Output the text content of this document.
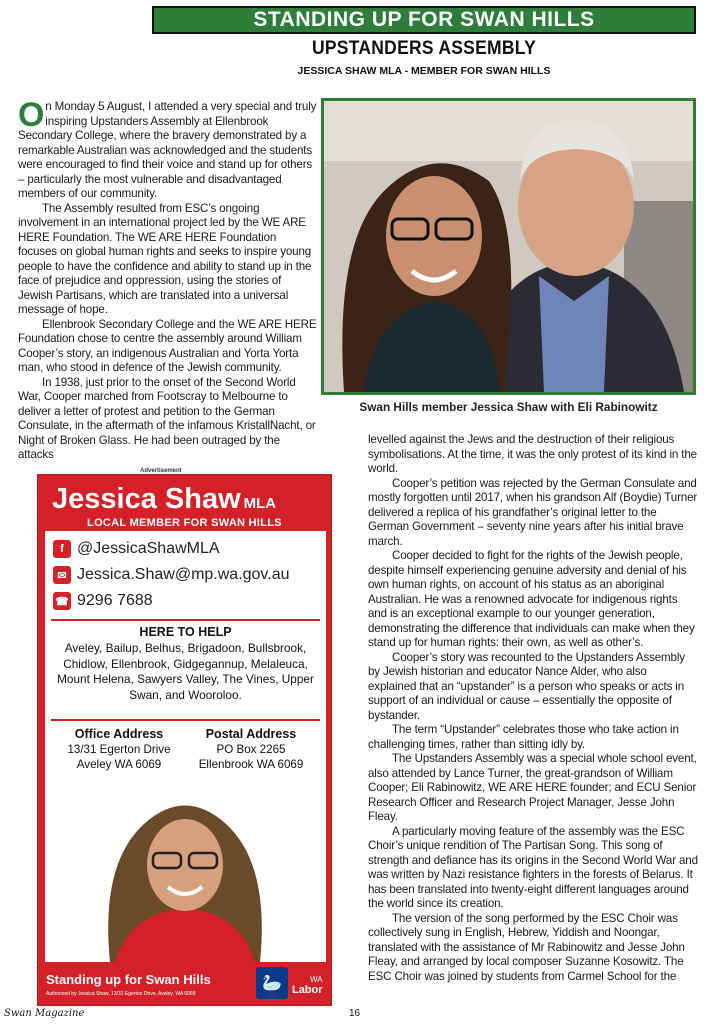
STANDING UP FOR SWAN HILLS
UPSTANDERS ASSEMBLY
JESSICA SHAW MLA - MEMBER FOR SWAN HILLS

On Monday 5 August, I attended a very special and truly inspiring Upstanders Assembly at Ellenbrook Secondary College, where the bravery demonstrated by a remarkable Australian was acknowledged and the students were encouraged to find their voice and stand up for others – particularly the most vulnerable and disadvantaged members of our community.

The Assembly resulted from ESC’s ongoing involvement in an international project led by the WE ARE HERE Foundation. The WE ARE HERE Foundation focuses on global human rights and seeks to inspire young people to have the confidence and ability to stand up in the face of prejudice and oppression, using the stories of Jewish Partisans, which are translated into a universal message of hope.

Ellenbrook Secondary College and the WE ARE HERE Foundation chose to centre the assembly around William Cooper’s story, an indigenous Australian and Yorta Yorta man, who stood in defence of the Jewish community.

In 1938, just prior to the onset of the Second World War, Cooper marched from Footscray to Melbourne to deliver a letter of protest and petition to the German Consulate, in the aftermath of the infamous KristallNacht, or Night of Broken Glass. He had been outraged by the attacks

Swan Hills member Jessica Shaw with Eli Rabinowitz

levelled against the Jews and the destruction of their religious symbolisations. At the time, it was the only protest of its kind in the world.

Cooper’s petition was rejected by the German Consulate and mostly forgotten until 2017, when his grandson Alf (Boydie) Turner delivered a replica of his grandfather’s original letter to the German Government – seventy nine years after his initial brave march.

Cooper decided to fight for the rights of the Jewish people, despite himself experiencing genuine adversity and denial of his own human rights, on account of his status as an aboriginal Australian. He was a renowned advocate for indigenous rights and is an exceptional example to our younger generation, demonstrating the difference that individuals can make when they stand up for human rights: their own, as well as other’s.

Cooper’s story was recounted to the Upstanders Assembly by Jewish historian and educator Nance Alder, who also explained that an “upstander” is a person who speaks or acts in support of an individual or cause – essentially the opposite of bystander.

The term “Upstander” celebrates those who take action in challenging times, rather than sitting idly by.

The Upstanders Assembly was a special whole school event, also attended by Lance Turner, the great-grandson of William Cooper; Eli Rabinowitz, WE ARE HERE founder; and ECU Senior Research Officer and Research Project Manager, Jesse John Fleay.

A particularly moving feature of the assembly was the ESC Choir’s unique rendition of The Partisan Song. This song of strength and defiance has its origins in the Second World War and was written by Nazi resistance fighters in the forests of Belarus. It has been translated into twenty-eight different languages around the world since its creation.

The version of the song performed by the ESC Choir was collectively sung in English, Hebrew, Yiddish and Noongar, translated with the assistance of Mr Rabinowitz and Jesse John Fleay, and arranged by local composer Suzanne Kosowitz. The ESC Choir was joined by students from Carmel School for the

Advertisement
Jessica Shaw MLA
LOCAL MEMBER FOR SWAN HILLS
f @JessicaShawMLA
✉ Jessica.Shaw@mp.wa.gov.au
☎ 9296 7688
HERE TO HELP
Aveley, Bailup, Belhus, Brigadoon, Bullsbrook, Chidlow, Ellenbrook, Gidgegannup, Melaleuca, Mount Helena, Sawyers Valley, The Vines, Upper Swan, and Wooroloo.
Office Address
13/31 Egerton Drive
Aveley WA 6069
Postal Address
PO Box 2265
Ellenbrook WA 6069
Standing up for Swan Hills
Authorised by Jessica Shaw, 13/31 Egerton Drive, Aveley, WA 6069
🦢	WA
Labor
Swan Magazine	16
